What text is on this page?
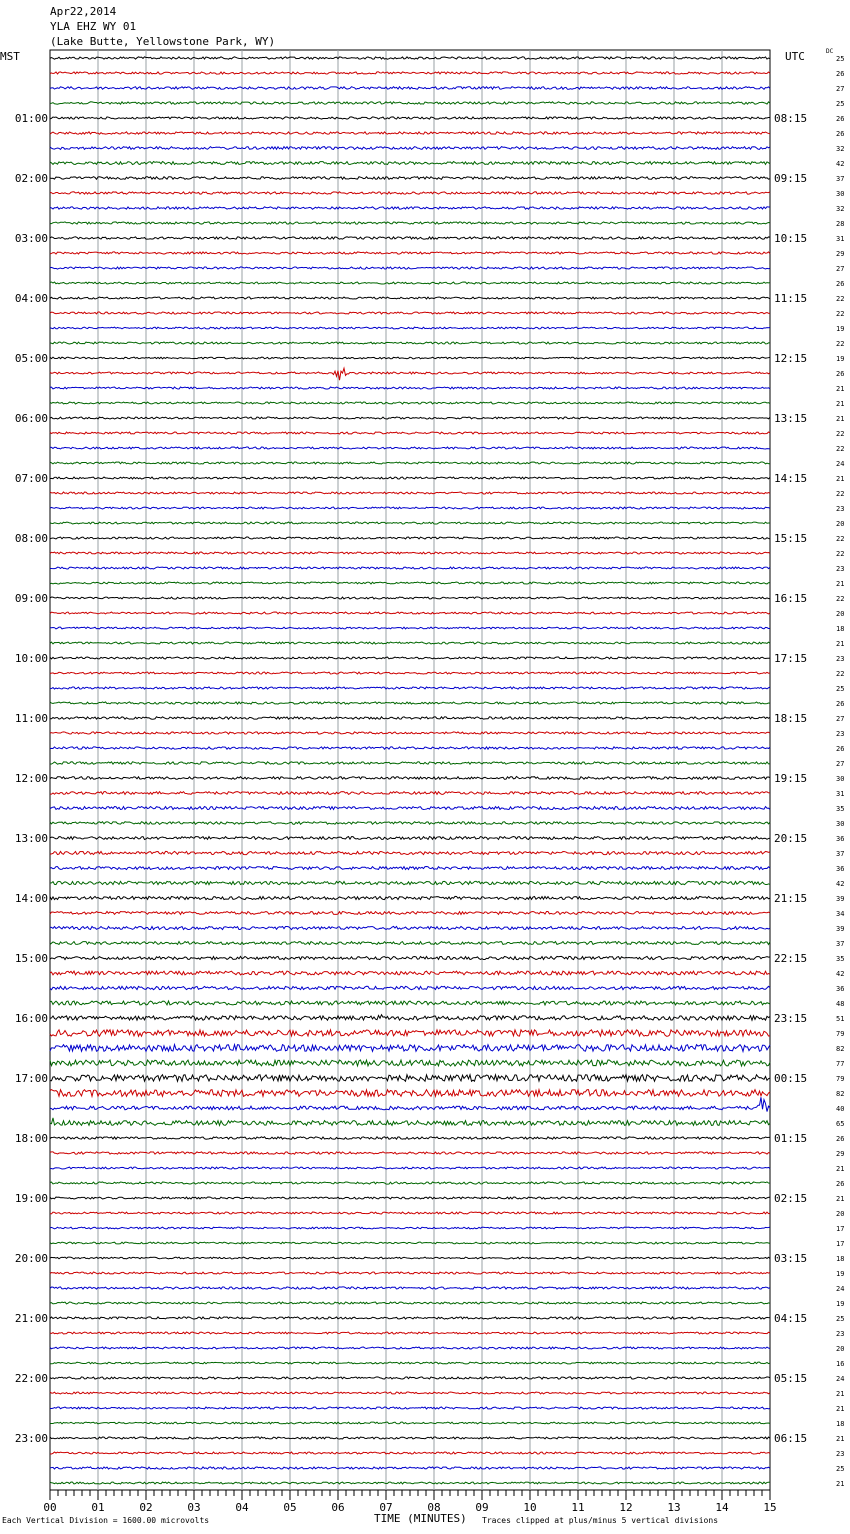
Apr22,2014
YLA EHZ WY 01
(Lake Butte, Yellowstone Park, WY)
MST	UTC	DC
01:00
02:00
03:00
04:00
05:00
06:00
07:00
08:00
09:00
10:00
11:00
12:00
13:00
14:00
15:00
16:00
17:00
18:00
19:00
20:00
21:00
22:00
23:00
08:15
09:15
10:15
11:15
12:15
13:15
14:15
15:15
16:15
17:15
18:15
19:15
20:15
21:15
22:15
23:15
00:15
01:15
02:15
03:15
04:15
05:15
06:15
25
26
27
25
26
26
32
42
37
30
32
28
31
29
27
26
22
22
19
22
19
26
21
21
21
22
22
24
21
22
23
20
22
22
23
21
22
20
18
21
23
22
25
26
27
23
26
27
30
31
35
30
36
37
36
42
39
34
39
37
35
42
36
48
51
79
82
77
79
82
40
65
26
29
21
26
21
20
17
17
18
19
24
19
25
23
20
16
24
21
21
18
21
23
25
21
00	01	02	03	04	05	06	07	08	09	10	11	12	13	14	15
Each Vertical Division = 1600.00 microvolts	TIME (MINUTES) Traces clipped at plus/minus 5 vertical divisions
